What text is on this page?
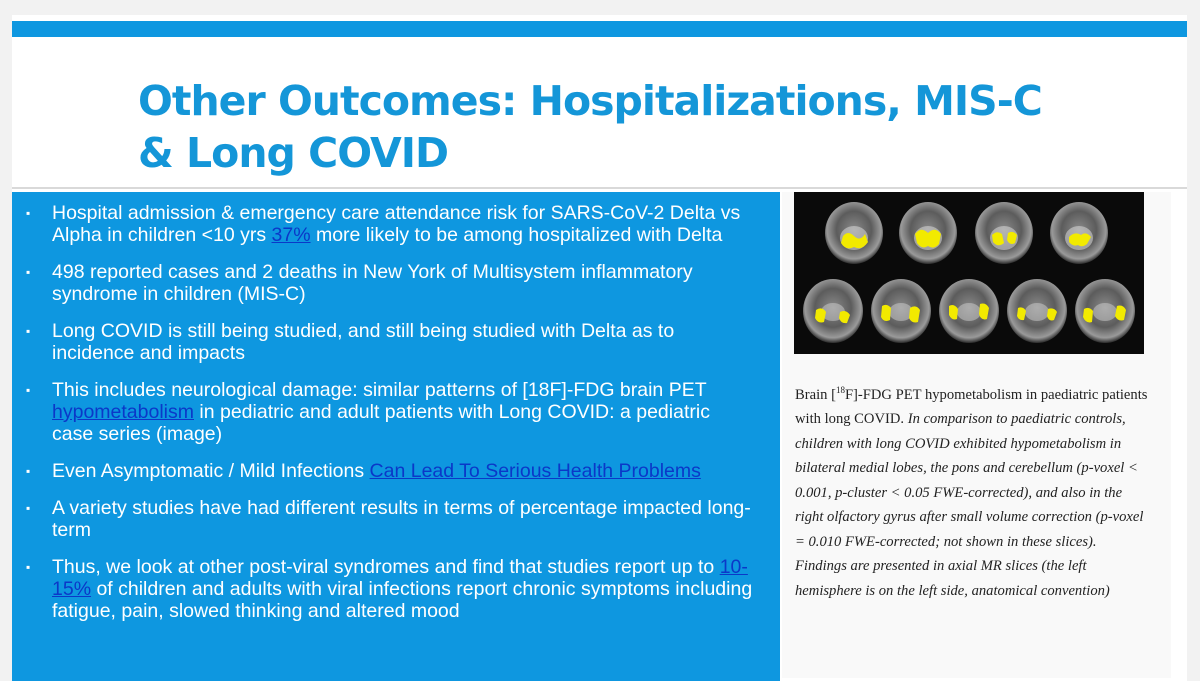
Other Outcomes: Hospitalizations, MIS-C
& Long COVID
▪ Hospital admission & emergency care attendance risk for SARS-CoV-2 Delta vs Alpha in children <10 yrs 37% more likely to be among hospitalized with Delta
▪ 498 reported cases and 2 deaths in New York of Multisystem inflammatory syndrome in children (MIS-C)
▪ Long COVID is still being studied, and still being studied with Delta as to incidence and impacts
▪ This includes neurological damage: similar patterns of [18F]-FDG brain PET hypometabolism in pediatric and adult patients with Long COVID: a pediatric case series (image)
▪ Even Asymptomatic / Mild Infections Can Lead To Serious Health Problems
▪ A variety studies have had different results in terms of percentage impacted long-term
▪ Thus, we look at other post-viral syndromes and find that studies report up to 10-15% of children and adults with viral infections report chronic symptoms including fatigue, pain, slowed thinking and altered mood

Brain [$^{18}$F]-FDG PET hypometabolism in paediatric patients with long COVID. In comparison to paediatric controls, children with long COVID exhibited hypometabolism in bilateral medial lobes, the pons and cerebellum (p-voxel < 0.001, p-cluster < 0.05 FWE-corrected), and also in the right olfactory gyrus after small volume correction (p-voxel = 0.010 FWE-corrected; not shown in these slices). Findings are presented in axial MR slices (the left hemisphere is on the left side, anatomical convention)
